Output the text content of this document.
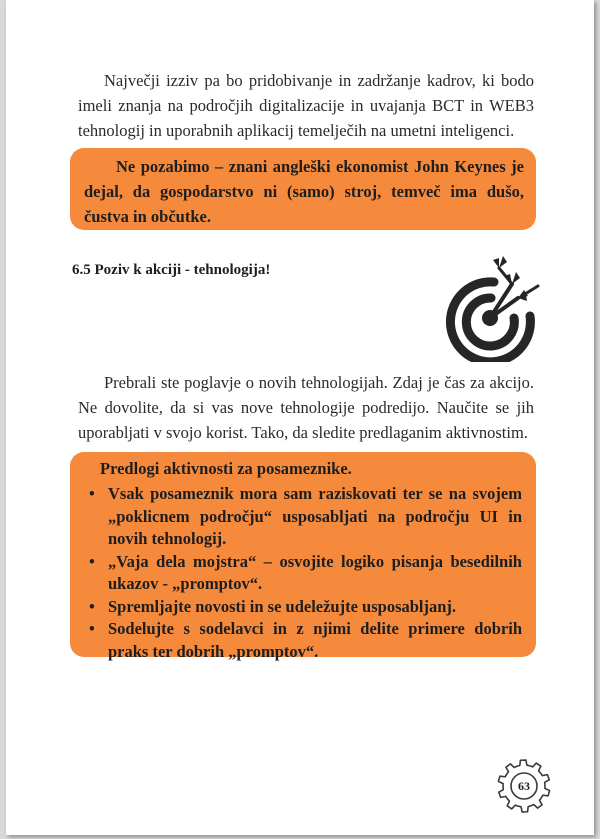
Največji izziv pa bo pridobivanje in zadržanje kadrov, ki bodo imeli znanja na področjih digitalizacije in uvajanja BCT in WEB3 tehnologij in uporabnih aplikacij temelječih na umetni inteligenci.

Ne pozabimo – znani angleški ekonomist John Keynes je dejal, da gospodarstvo ni (samo) stroj, temveč ima dušo, čustva in občutke.

6.5 Poziv k akciji - tehnologija!

Prebrali ste poglavje o novih tehnologijah. Zdaj je čas za akcijo. Ne dovolite, da si vas nove tehnologije podredijo. Naučite se jih uporabljati v svojo korist. Tako, da sledite predlaganim aktivnostim.

Predlogi aktivnosti za posameznike.

• Vsak posameznik mora sam raziskovati ter se na svojem „poklicnem področju“ usposabljati na področju UI in novih tehnologij.
• „Vaja dela mojstra“ – osvojite logiko pisanja besedilnih ukazov - „promptov“.
• Spremljajte novosti in se udeležujte usposabljanj.
• Sodelujte s sodelavci in z njimi delite primere dobrih praks ter dobrih „promptov“.
63
